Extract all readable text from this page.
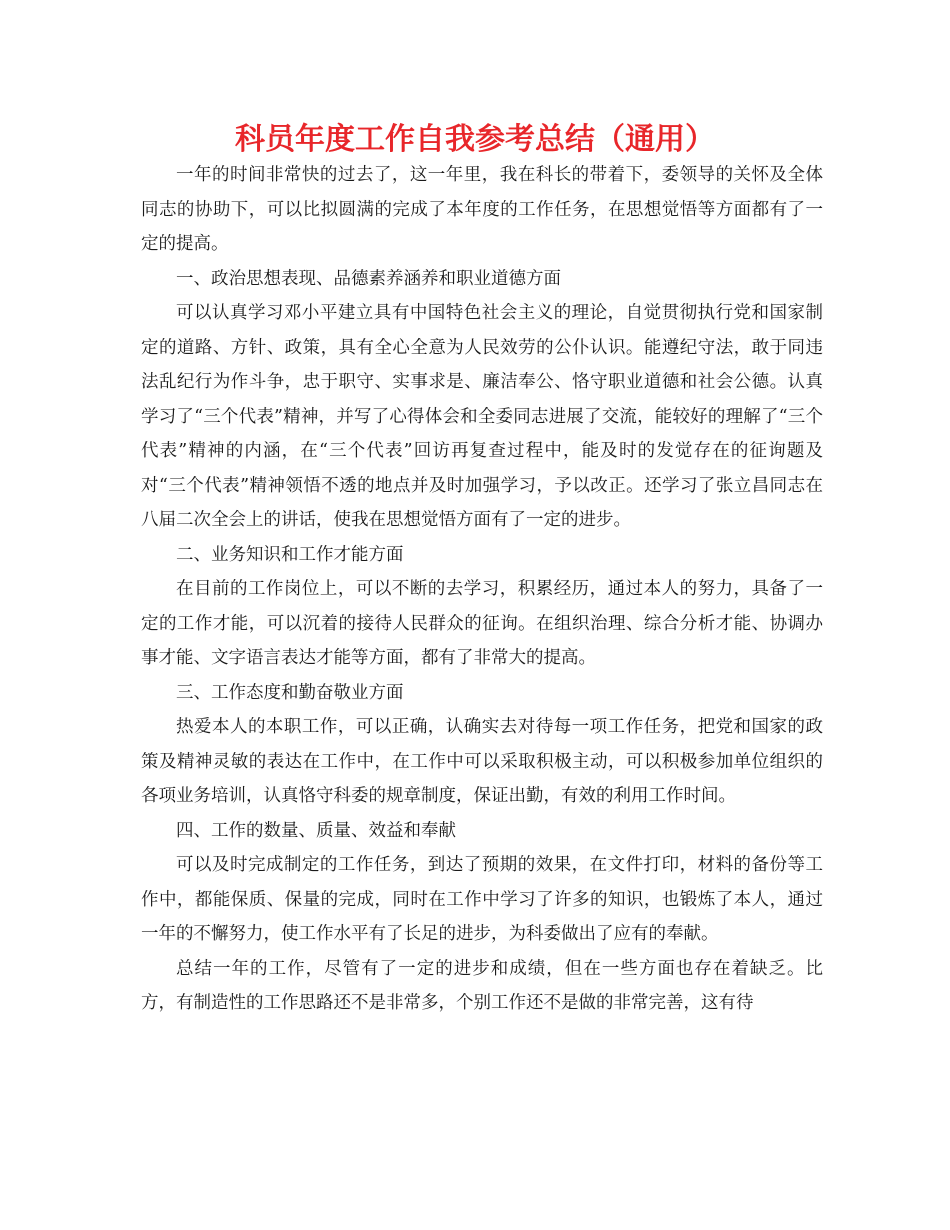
科员年度工作自我参考总结（通用）

一年的时间非常快的过去了，这一年里，我在科长的带着下，委领导的关怀及全体同志的协助下，可以比拟圆满的完成了本年度的工作任务，在思想觉悟等方面都有了一定的提高。

一、政治思想表现、品德素养涵养和职业道德方面

可以认真学习邓小平建立具有中国特色社会主义的理论，自觉贯彻执行党和国家制定的道路、方针、政策，具有全心全意为人民效劳的公仆认识。能遵纪守法，敢于同违法乱纪行为作斗争，忠于职守、实事求是、廉洁奉公、恪守职业道德和社会公德。认真学习了“三个代表”精神，并写了心得体会和全委同志进展了交流，能较好的理解了“三个代表”精神的内涵，在“三个代表”回访再复查过程中，能及时的发觉存在的征询题及对“三个代表”精神领悟不透的地点并及时加强学习，予以改正。还学习了张立昌同志在八届二次全会上的讲话，使我在思想觉悟方面有了一定的进步。

二、业务知识和工作才能方面

在目前的工作岗位上，可以不断的去学习，积累经历，通过本人的努力，具备了一定的工作才能，可以沉着的接待人民群众的征询。在组织治理、综合分析才能、协调办事才能、文字语言表达才能等方面，都有了非常大的提高。

三、工作态度和勤奋敬业方面

热爱本人的本职工作，可以正确，认确实去对待每一项工作任务，把党和国家的政策及精神灵敏的表达在工作中，在工作中可以采取积极主动，可以积极参加单位组织的各项业务培训，认真恪守科委的规章制度，保证出勤，有效的利用工作时间。

四、工作的数量、质量、效益和奉献

可以及时完成制定的工作任务，到达了预期的效果，在文件打印，材料的备份等工作中，都能保质、保量的完成，同时在工作中学习了许多的知识，也锻炼了本人，通过一年的不懈努力，使工作水平有了长足的进步，为科委做出了应有的奉献。

总结一年的工作，尽管有了一定的进步和成绩，但在一些方面也存在着缺乏。比方，有制造性的工作思路还不是非常多，个别工作还不是做的非常完善，这有待
